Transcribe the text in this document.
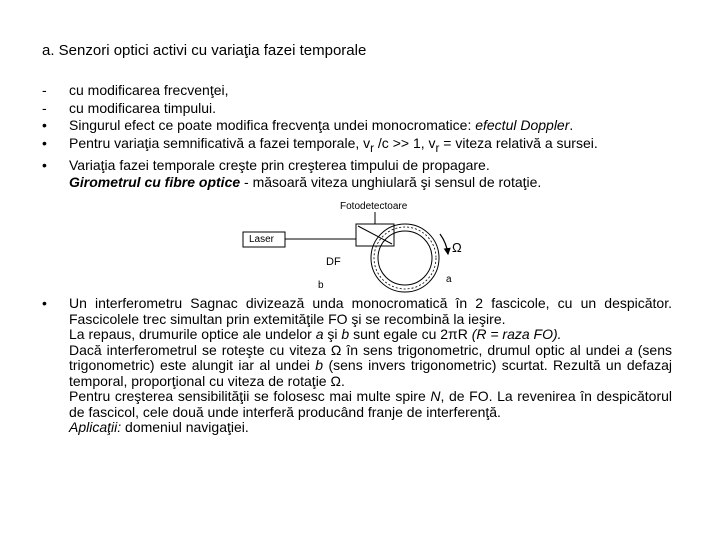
a. Senzori optici activi cu variaţia fazei temporale
-	cu modificarea frecvenţei,
-	cu modificarea timpului.
•	Singurul efect ce poate modifica frecvenţa undei monocromatice: efectul Doppler.
•	Pentru variaţia semnificativă a fazei temporale, $v_r$ /c >> 1, $v_r$ = viteza relativă a sursei.
•	Variaţia fazei temporale creşte prin creşterea timpului de propagare.
Girometrul cu fibre optice - măsoară viteza unghiulară şi sensul de rotaţie.
Fotodetectoare
Laser
DF
b
a
Ω
•	Un interferometru Sagnac divizează unda monocromatică în 2 fascicole, cu un despicător. Fascicolele trec simultan prin extemităţile FO şi se recombină la ieşire.

La repaus, drumurile optice ale undelor a şi b sunt egale cu 2πR (R = raza FO).

Dacă interferometrul se roteşte cu viteza Ω în sens trigonometric, drumul optic al undei a (sens trigonometric) este alungit iar al undei b (sens invers trigonometric) scurtat. Rezultă un defazaj temporal, proporţional cu viteza de rotaţie Ω.

Pentru creşterea sensibilităţii se folosesc mai multe spire N, de FO. La revenirea în despicătorul de fascicol, cele două unde interferă producând franje de interferenţă.

Aplicaţii: domeniul navigaţiei.
